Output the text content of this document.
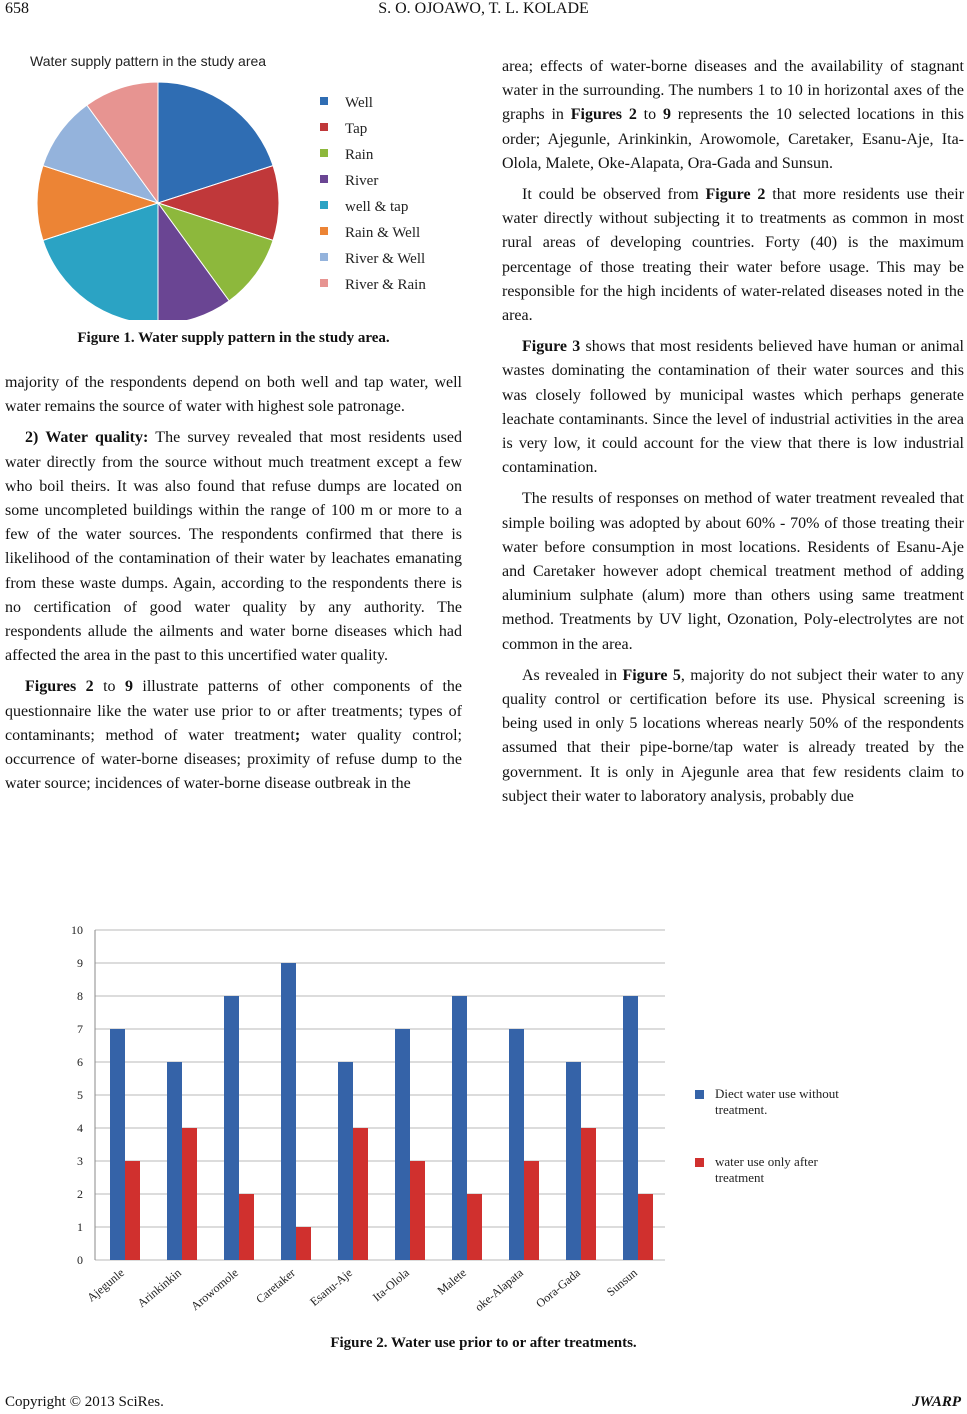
658	S. O. OJOAWO, T. L. KOLADE
Water supply pattern in the study area
Well
Tap
Rain
River
well & tap
Rain & Well
River & Well
River & Rain
Figure 1. Water supply pattern in the study area.

majority of the respondents depend on both well and tap water, well water remains the source of water with highest sole patronage.

2) Water quality: The survey revealed that most residents used water directly from the source without much treatment except a few who boil theirs. It was also found that refuse dumps are located on some uncompleted buildings within the range of 100 m or more to a few of the water sources. The respondents confirmed that there is likelihood of the contamination of their water by leachates emanating from these waste dumps. Again, according to the respondents there is no certification of good water quality by any authority. The respondents allude the ailments and water borne diseases which had affected the area in the past to this uncertified water quality.

Figures 2 to 9 illustrate patterns of other components of the questionnaire like the water use prior to or after treatments; types of contaminants; method of water treatment; water quality control; occurrence of water-borne diseases; proximity of refuse dump to the water source; incidences of water-borne disease outbreak in the

area; effects of water-borne diseases and the availability of stagnant water in the surrounding. The numbers 1 to 10 in horizontal axes of the graphs in Figures 2 to 9 represents the 10 selected locations in this order; Ajegunle, Arinkinkin, Arowomole, Caretaker, Esanu-Aje, Ita-Olola, Malete, Oke-Alapata, Ora-Gada and Sunsun.

It could be observed from Figure 2 that more residents use their water directly without subjecting it to treatments as common in most rural areas of developing countries. Forty (40) is the maximum percentage of those treating their water before usage. This may be responsible for the high incidents of water-related diseases noted in the area.

Figure 3 shows that most residents believed have human or animal wastes dominating the contamination of their water sources and this was closely followed by municipal wastes which perhaps generate leachate contaminants. Since the level of industrial activities in the area is very low, it could account for the view that there is low industrial contamination.

The results of responses on method of water treatment revealed that simple boiling was adopted by about 60% - 70% of those treating their water before consumption in most locations. Residents of Esanu-Aje and Caretaker however adopt chemical treatment method of adding aluminium sulphate (alum) more than others using same treatment method. Treatments by UV light, Ozonation, Poly-electrolytes are not common in the area.

As revealed in Figure 5, majority do not subject their water to any quality control or certification before its use. Physical screening is being used in only 5 locations whereas nearly 50% of the respondents assumed that their pipe-borne/tap water is already treated by the government. It is only in Ajegunle area that few residents claim to subject their water to laboratory analysis, probably due

0
1
2
3
4
5
6
7
8
9
10
Ajegunle Arinkinkin Arowomole Caretaker Esanu-Aje Ita-Olola Malete oke-Alapata Oora-Gada Sunsun
Diect water use without treatment.
water use only after treatment
Figure 2. Water use prior to or after treatments.
Copyright © 2013 SciRes.	JWARP
